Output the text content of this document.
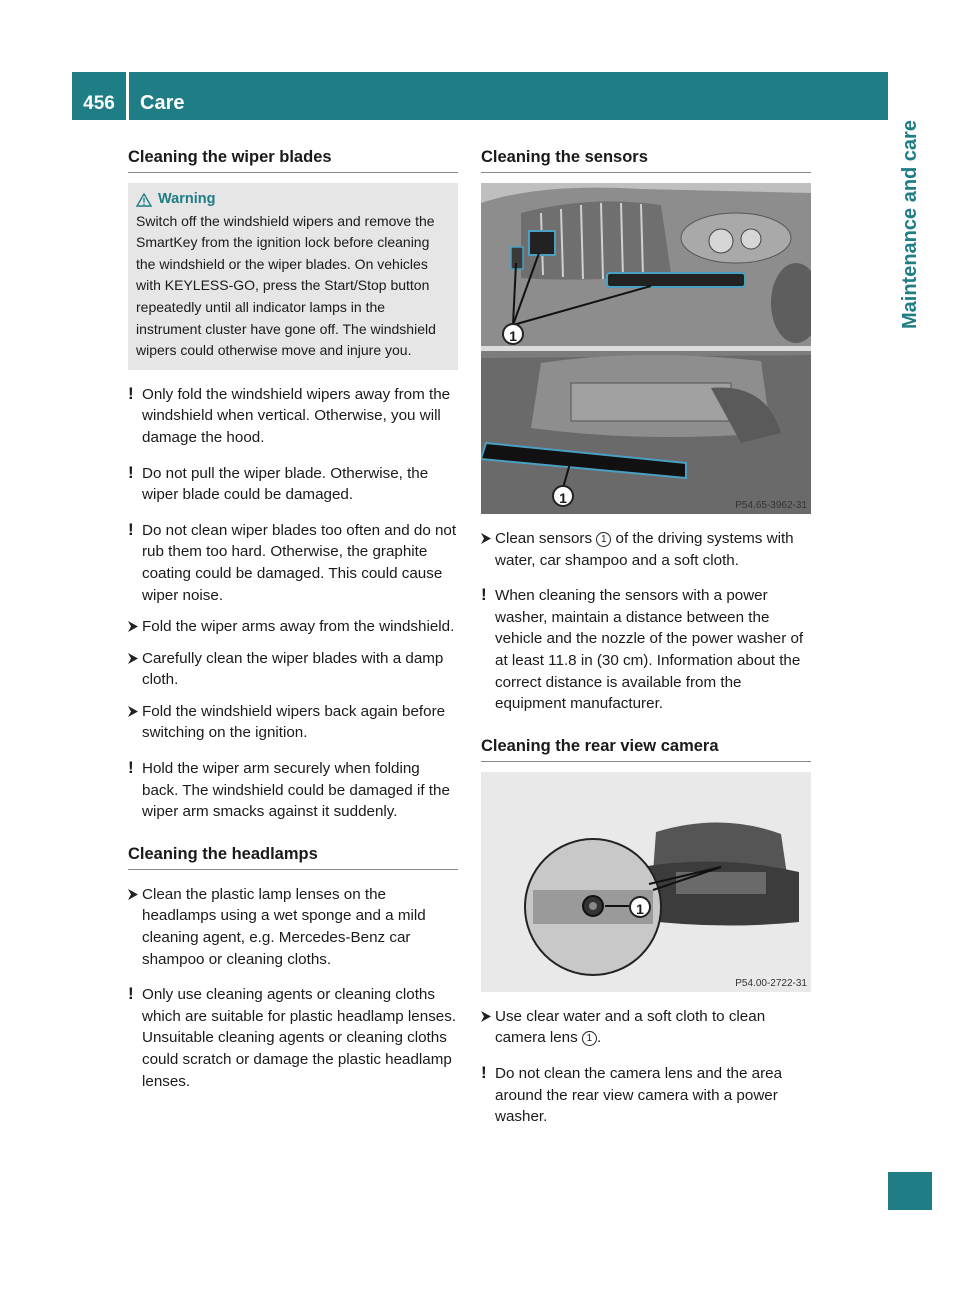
456	Care
Maintenance and care
Cleaning the wiper blades
Warning
Switch off the windshield wipers and remove the SmartKey from the ignition lock before cleaning the windshield or the wiper blades. On vehicles with KEYLESS-GO, press the Start/Stop button repeatedly until all indicator lamps in the instrument cluster have gone off. The windshield wipers could otherwise move and injure you.
! Only fold the windshield wipers away from the windshield when vertical. Otherwise, you will damage the hood.

! Do not pull the wiper blade. Otherwise, the wiper blade could be damaged.

! Do not clean wiper blades too often and do not rub them too hard. Otherwise, the graphite coating could be damaged. This could cause wiper noise.

Fold the wiper arms away from the windshield.

Carefully clean the wiper blades with a damp cloth.

Fold the windshield wipers back again before switching on the ignition.

! Hold the wiper arm securely when folding back. The windshield could be damaged if the wiper arm smacks against it suddenly.

Cleaning the headlamps

Clean the plastic lamp lenses on the headlamps using a wet sponge and a mild cleaning agent, e.g. Mercedes-Benz car shampoo or cleaning cloths.

! Only use cleaning agents or cleaning cloths which are suitable for plastic headlamp lenses. Unsuitable cleaning agents or cleaning cloths could scratch or damage the plastic headlamp lenses.

Cleaning the sensors
1
1	P54.65-3962-31

Clean sensors 1 of the driving systems with water, car shampoo and a soft cloth.

! When cleaning the sensors with a power washer, maintain a distance between the vehicle and the nozzle of the power washer of at least 11.8 in (30 cm). Information about the correct distance is available from the equipment manufacturer.

Cleaning the rear view camera
1
P54.00-2722-31

Use clear water and a soft cloth to clean camera lens 1 .

! Do not clean the camera lens and the area around the rear view camera with a power washer.
